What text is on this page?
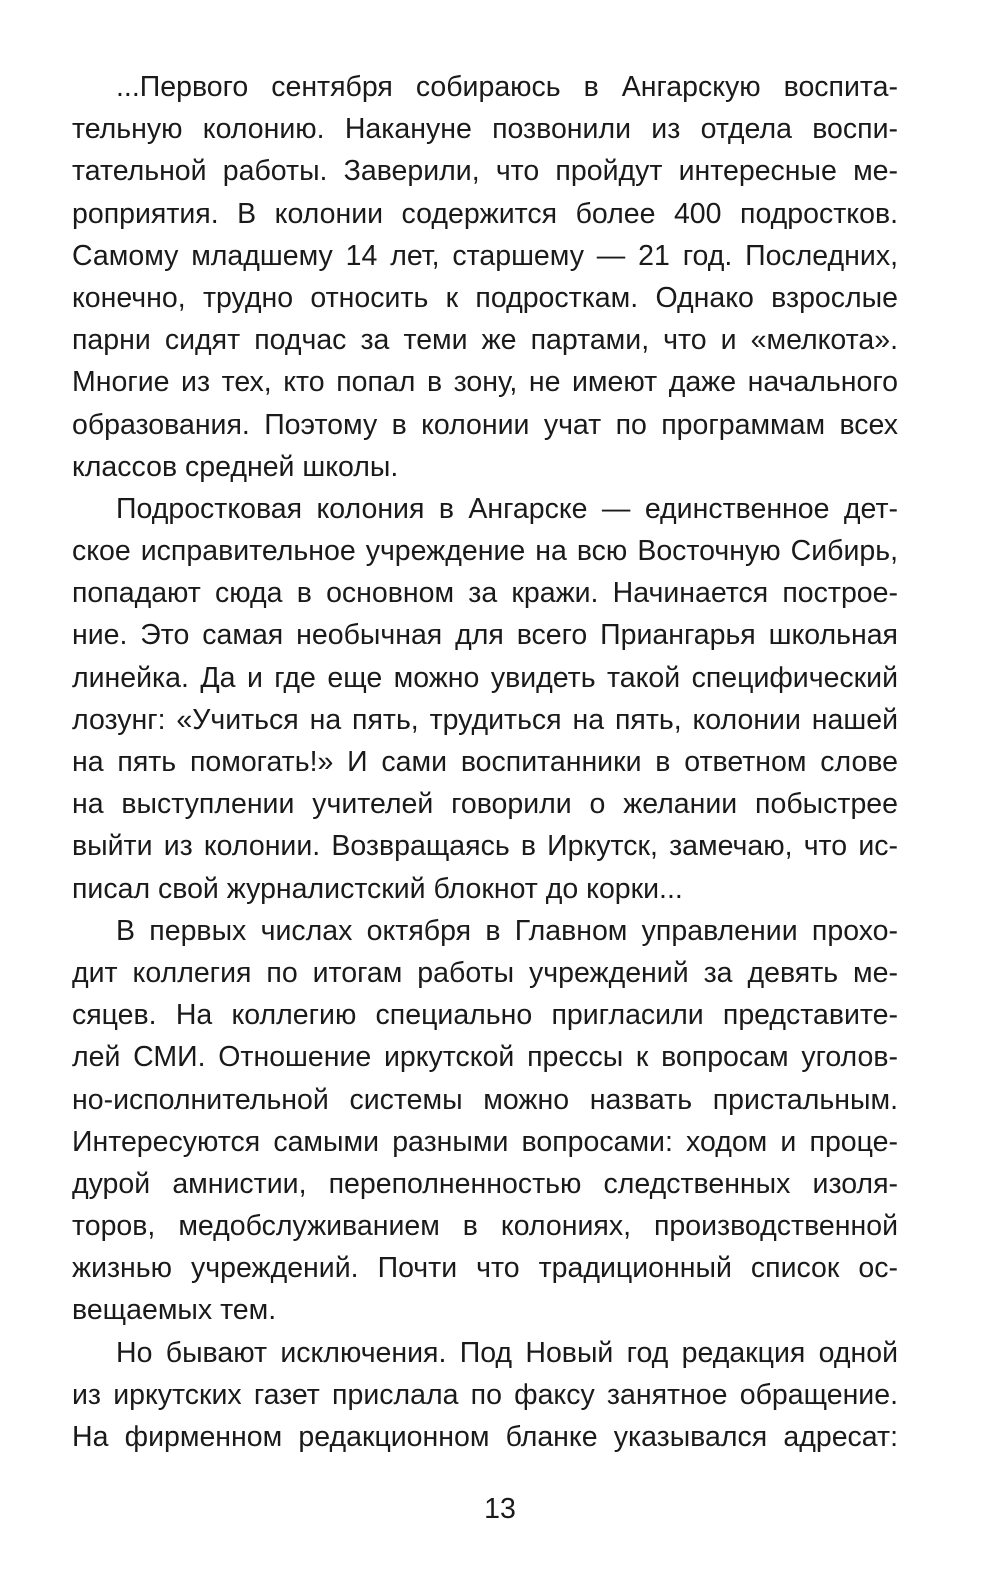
...Первого сентября собираюсь в Ангарскую воспита-
тельную колонию. Накануне позвонили из отдела воспи-
тательной работы. Заверили, что пройдут интересные ме-
роприятия. В колонии содержится более 400 подростков.
Самому младшему 14 лет, старшему — 21 год. Последних,
конечно, трудно относить к подросткам. Однако взрослые
парни сидят подчас за теми же партами, что и «мелкота».
Многие из тех, кто попал в зону, не имеют даже начального
образования. Поэтому в колонии учат по программам всех
классов средней школы.
Подростковая колония в Ангарске — единственное дет-
ское исправительное учреждение на всю Восточную Сибирь,
попадают сюда в основном за кражи. Начинается построе-
ние. Это самая необычная для всего Приангарья школьная
линейка. Да и где еще можно увидеть такой специфический
лозунг: «Учиться на пять, трудиться на пять, колонии нашей
на пять помогать!» И сами воспитанники в ответном слове
на выступлении учителей говорили о желании побыстрее
выйти из колонии. Возвращаясь в Иркутск, замечаю, что ис-
писал свой журналистский блокнот до корки...
В первых числах октября в Главном управлении прохо-
дит коллегия по итогам работы учреждений за девять ме-
сяцев. На коллегию специально пригласили представите-
лей СМИ. Отношение иркутской прессы к вопросам уголов-
но-исполнительной системы можно назвать пристальным.
Интересуются самыми разными вопросами: ходом и проце-
дурой амнистии, переполненностью следственных изоля-
торов, медобслуживанием в колониях, производственной
жизнью учреждений. Почти что традиционный список ос-
вещаемых тем.
Но бывают исключения. Под Новый год редакция одной
из иркутских газет прислала по факсу занятное обращение.
На фирменном редакционном бланке указывался адресат:
13
